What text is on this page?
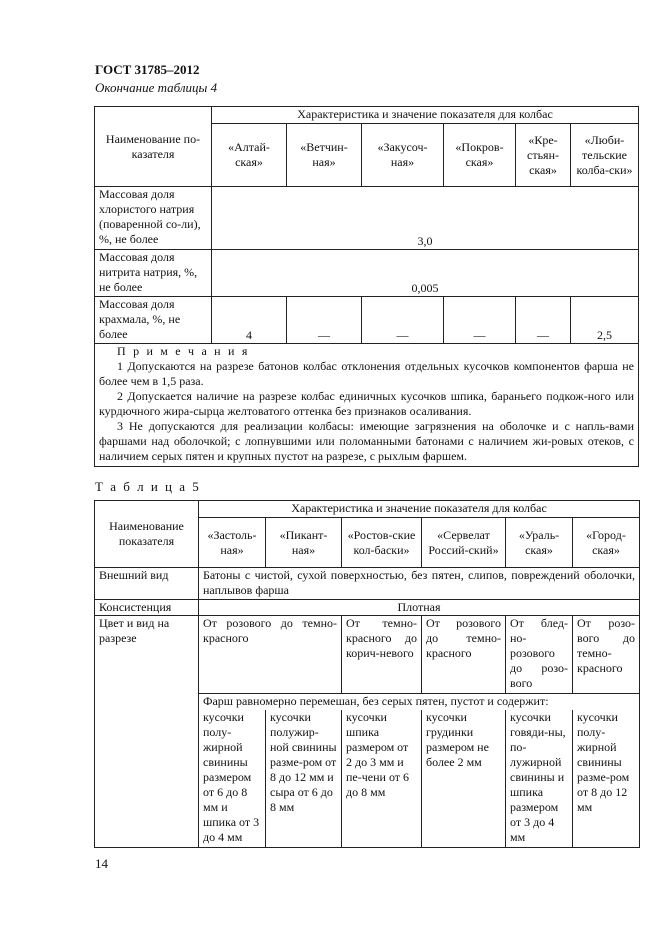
ГОСТ 31785–2012
Окончание таблицы 4
Наименование по-казателя	Характеристика и значение показателя для колбас					
	«Алтай-ская»	«Ветчин-ная»	«Закусоч-ная»	«Покров-ская»	«Кре-стьян-ская»	«Люби-тельские колба-ски»
Массовая доля хлористого натрия (поваренной со-ли), %, не более	3,0					
Массовая доля нитрита натрия, %, не более	0,005					
Массовая доля крахмала, %, не более	4	—	—	—	—	2,5

П р и м е ч а н и я

1 Допускаются на разрезе батонов колбас отклонения отдельных кусочков компонентов фарша не более чем в 1,5 раза.

2 Допускается наличие на разрезе колбас единичных кусочков шпика, бараньего подкож-ного или курдючного жира-сырца желтоватого оттенка без признаков осаливания.

3 Не допускаются для реализации колбасы: имеющие загрязнения на оболочке и с напль-вами фаршами над оболочкой; с лопнувшими или поломанными батонами с наличием жи-ровых отеков, с наличием серых пятен и крупных пустот на разрезе, с рыхлым фаршем.						

Т а б л и ц а 5
Наименование показателя	Характеристика и значение показателя для колбас					
	«Застоль-ная»	«Пикант-ная»	«Ростов-ские кол-баски»	«Сервелат Россий-ский»	«Ураль-ская»	«Город-ская»
Внешний вид	Батоны с чистой, сухой поверхностью, без пятен, слипов, повреждений оболочки, наплывов фарша					
Консистенция	Плотная					
Цвет и вид на разрезе	От розового до темно-красного		От темно-красного до корич-невого	От розового до темно-красного	От блед-но-розового до розо-вого	От розо-вого до темно-красного
	Фарш равномерно перемешан, без серых пятен, пустот и содержит:					
	кусочки полу-жирной свинины размером от 6 до 8 мм и шпика от 3 до 4 мм	кусочки полужир-ной свинины разме-ром от 8 до 12 мм и сыра от 6 до 8 мм	кусочки шпика размером от 2 до 3 мм и пе-чени от 6 до 8 мм	кусочки грудинки размером не более 2 мм	кусочки говяди-ны, по-лужирной свинины и шпика размером от 3 до 4 мм	кусочки полу-жирной свинины разме-ром от 8 до 12 мм
14
